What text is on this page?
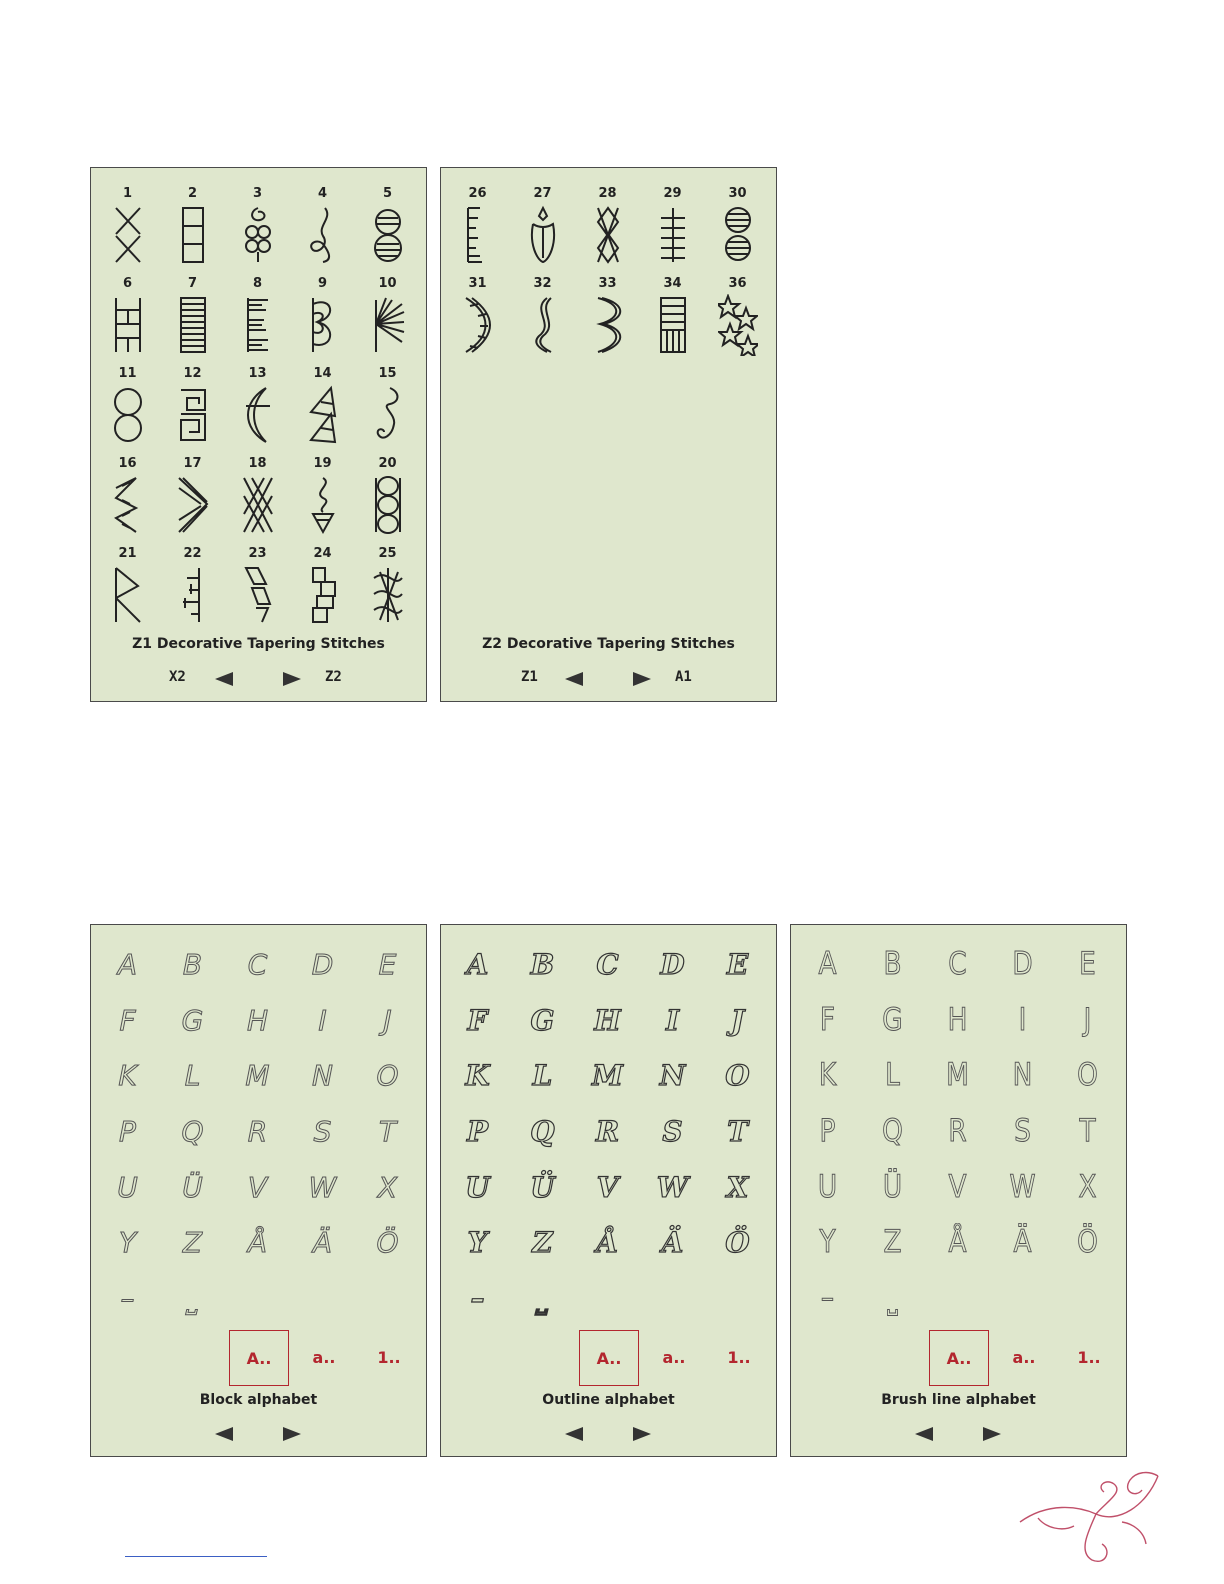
1	2	3	4	5
6	7	8	9	10
11	12	13	14	15
16	17	18	19	20
21	22	23	24	25
Z1 Decorative Tapering Stitches
X2	Z2
26	27	28	29	30
31	32	33	34	36
Z2 Decorative Tapering Stitches
Z1	A1
A	B	C	D	E
F	G	H	I	J
K	L	M	N	O
P	Q	R	S	T
U	Ü	V	W	X
Y	Z	Å	Ä	Ö
–	⎵
A..	a..	1..
Block alphabet
A	B	C	D	E
F	G	H	I	J
K	L	M	N	O
P	Q	R	S	T
U	Ü	V	W	X
Y	Z	Å	Ä	Ö
–	⎵
A..	a..	1..
Outline alphabet
A	B	C	D	E
F	G	H	I	J
K	L	M	N	O
P	Q	R	S	T
U	Ü	V	W	X
Y	Z	Å	Ä	Ö
–	⎵
A..	a..	1..
Brush line alphabet
